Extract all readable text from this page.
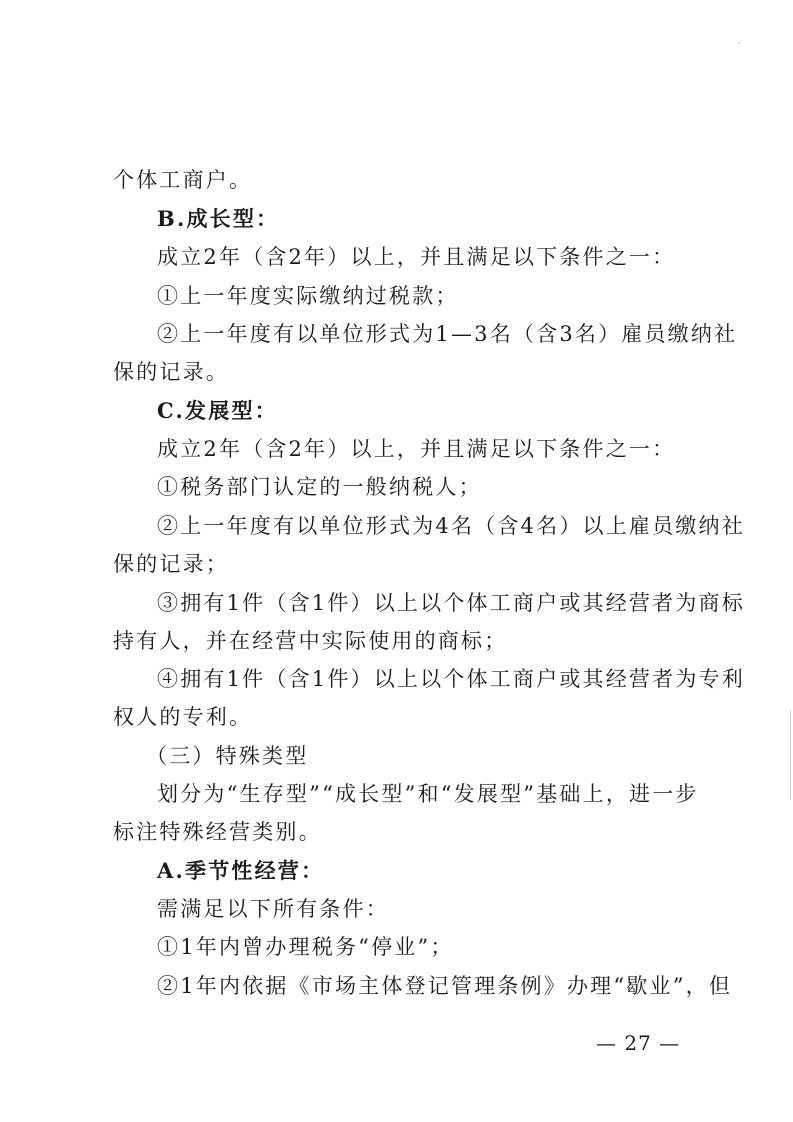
个体工商户。
B.成长型：
成立2年（含2年）以上，并且满足以下条件之一：
①上一年度实际缴纳过税款；
②上一年度有以单位形式为1—3名（含3名）雇员缴纳社
保的记录。
C.发展型：
成立2年（含2年）以上，并且满足以下条件之一：
①税务部门认定的一般纳税人；
②上一年度有以单位形式为4名（含4名）以上雇员缴纳社
保的记录；
③拥有1件（含1件）以上以个体工商户或其经营者为商标
持有人，并在经营中实际使用的商标；
④拥有1件（含1件）以上以个体工商户或其经营者为专利
权人的专利。
（三）特殊类型
划分为“生存型”“成长型”和“发展型”基础上，进一步
标注特殊经营类别。
A.季节性经营：
需满足以下所有条件：
①1年内曾办理税务“停业”；
②1年内依据《市场主体登记管理条例》办理“歇业”，但
— 27 —
